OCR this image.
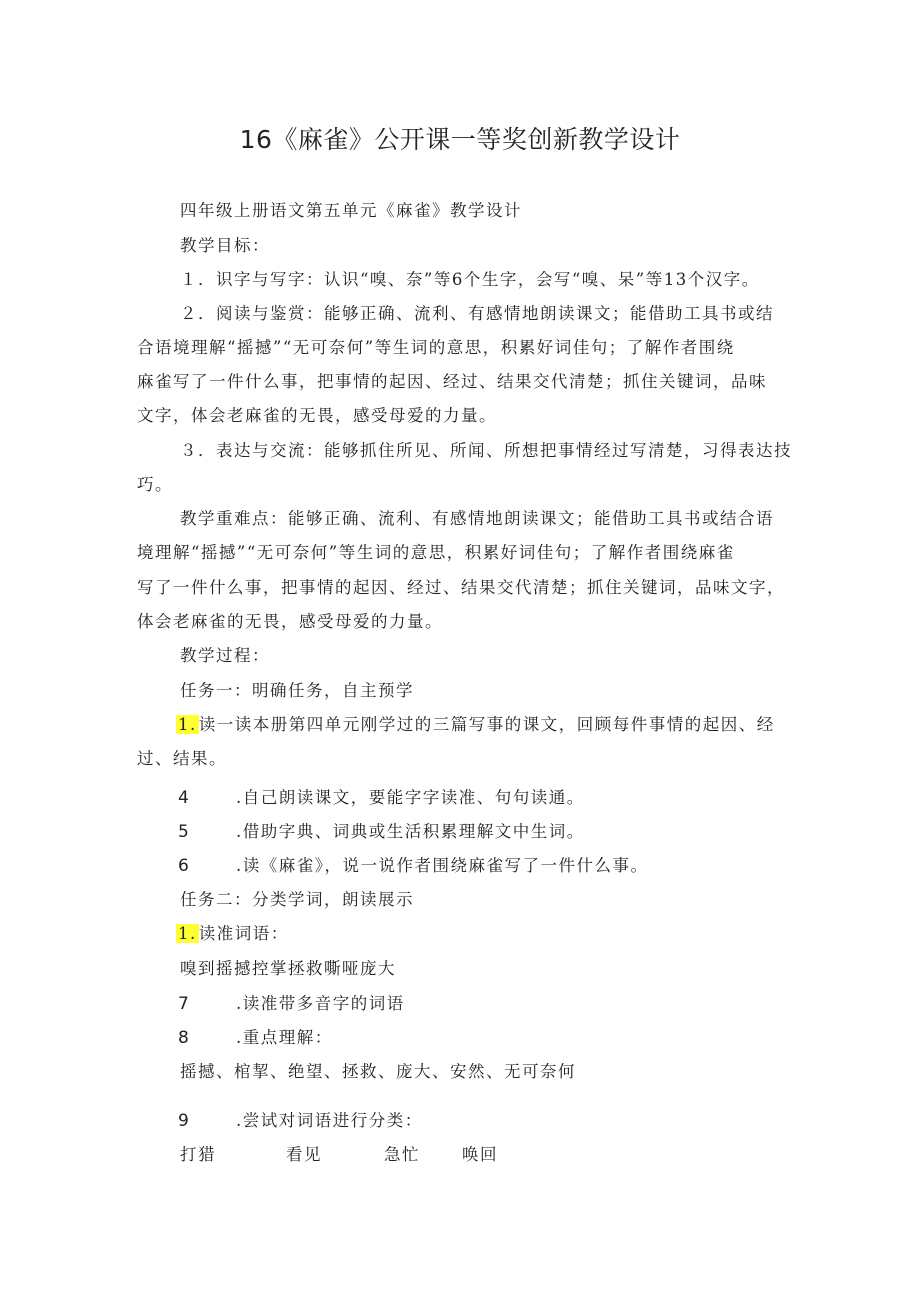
16《麻雀》公开课一等奖创新教学设计
四年级上册语文第五单元《麻雀》教学设计
教学目标：
１．识字与写字：认识“嗅、奈”等6个生字，会写“嗅、呆”等13个汉字。
２．阅读与鉴赏：能够正确、流利、有感情地朗读课文；能借助工具书或结
合语境理解“摇撼”“无可奈何”等生词的意思，积累好词佳句；了解作者围绕
麻雀写了一件什么事，把事情的起因、经过、结果交代清楚；抓住关键词，品味
文字，体会老麻雀的无畏，感受母爱的力量。
３．表达与交流：能够抓住所见、所闻、所想把事情经过写清楚，习得表达技
巧。
教学重难点：能够正确、流利、有感情地朗读课文；能借助工具书或结合语
境理解“摇撼”“无可奈何”等生词的意思，积累好词佳句；了解作者围绕麻雀
写了一件什么事，把事情的起因、经过、结果交代清楚；抓住关键词，品味文字，
体会老麻雀的无畏，感受母爱的力量。
教学过程：
任务一：明确任务，自主预学
1. 读一读本册第四单元刚学过的三篇写事的课文，回顾每件事情的起因、经
过、结果。
4	.自己朗读课文，要能字字读准、句句读通。
5	.借助字典、词典或生活积累理解文中生词。
6	.读《麻雀》，说一说作者围绕麻雀写了一件什么事。
任务二：分类学词，朗读展示
1. 读准词语：
嗅到摇撼控掌拯救嘶哑庞大
7	.读准带多音字的词语
8	.重点理解：
摇撼、棺挈、绝望、拯救、庞大、安然、无可奈何
9	.尝试对词语进行分类：
打猎	看见	急忙	唤回
